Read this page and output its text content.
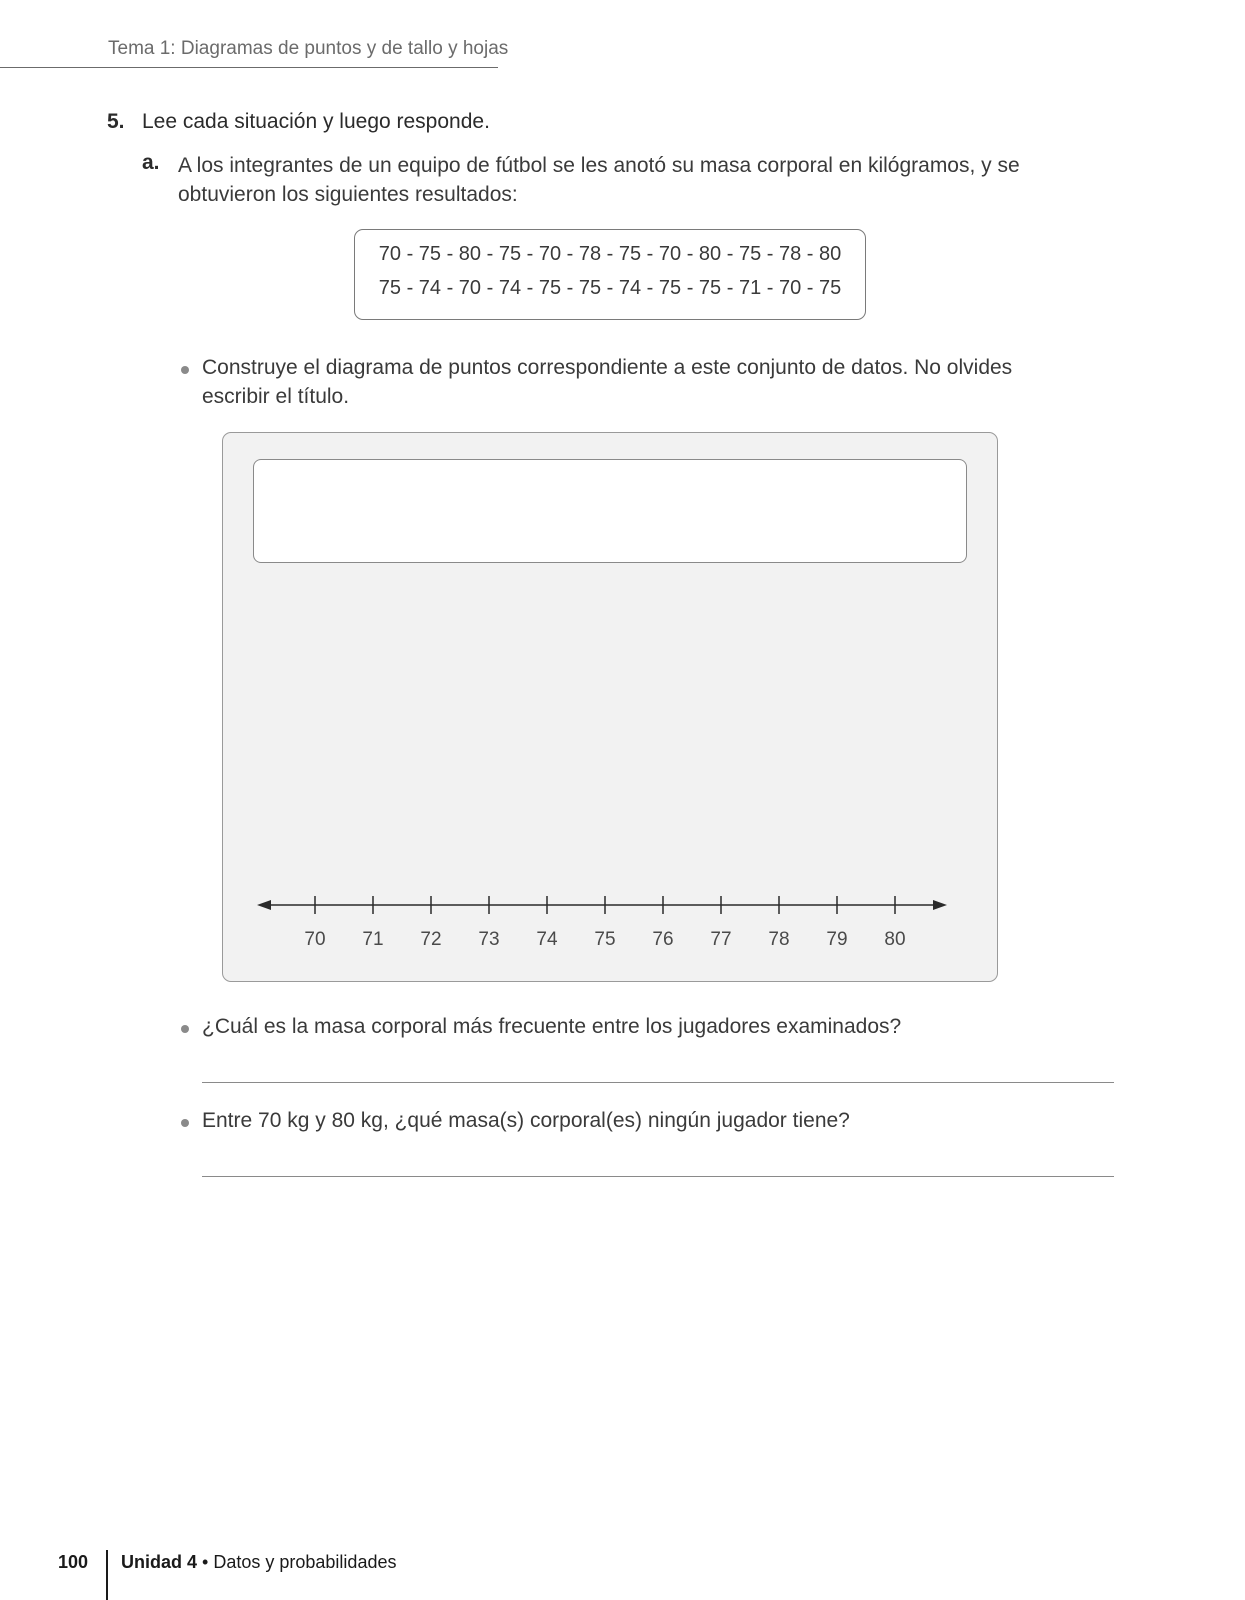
Tema 1: Diagramas de puntos y de tallo y hojas
5. Lee cada situación y luego responde.
a. A los integrantes de un equipo de fútbol se les anotó su masa corporal en kilógramos, y se obtuvieron los siguientes resultados:
70 - 75 - 80 - 75 - 70 - 78 - 75 - 70 - 80 - 75 - 78 - 80
75 - 74 - 70 - 74 - 75 - 75 - 74 - 75 - 75 - 71 - 70 - 75
Construye el diagrama de puntos correspondiente a este conjunto de datos. No olvides escribir el título.
70 71 72 73 74 75 76 77 78 79 80
¿Cuál es la masa corporal más frecuente entre los jugadores examinados?
Entre 70 kg y 80 kg, ¿qué masa(s) corporal(es) ningún jugador tiene?
100 Unidad 4 • Datos y probabilidades
